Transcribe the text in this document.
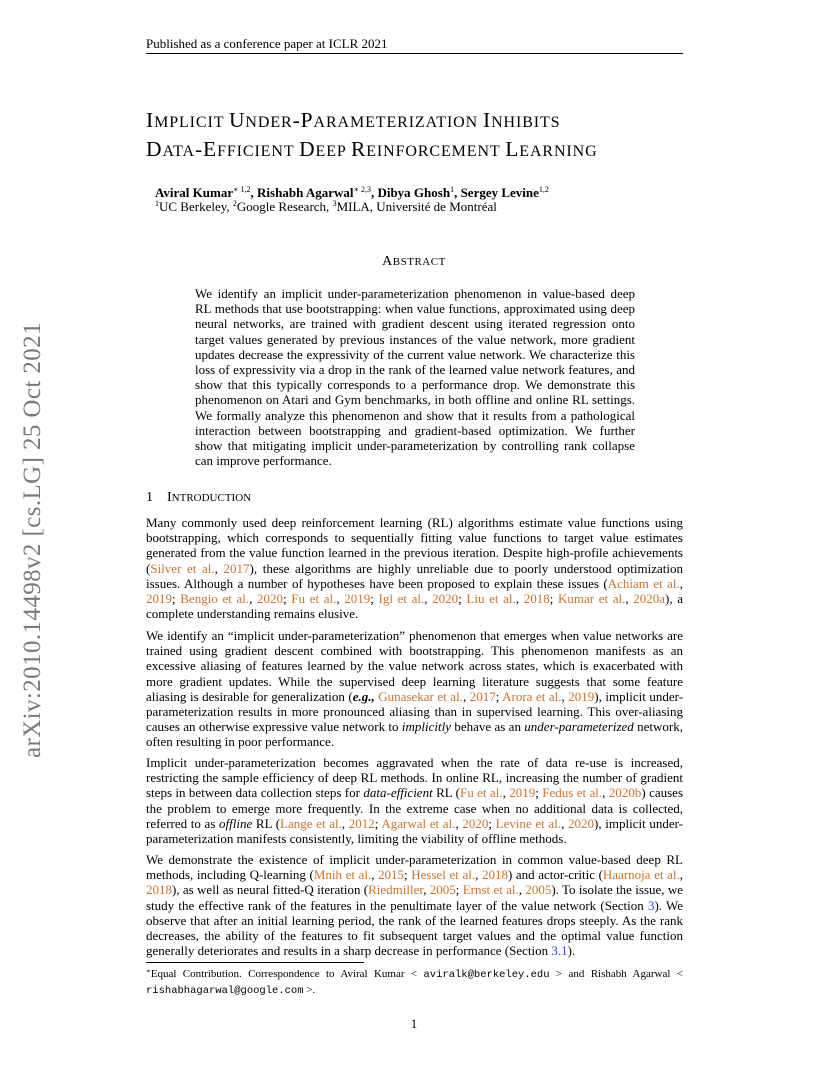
Published as a conference paper at ICLR 2021
IMPLICIT UNDER-PARAMETERIZATION INHIBITS
DATA-EFFICIENT DEEP REINFORCEMENT LEARNING
Aviral Kumar$^{∗ 1,2}$, Rishabh Agarwal$^{∗ 2,3}$, Dibya Ghosh$^1$, Sergey Levine$^{1,2}$
$^1$UC Berkeley, $^2$Google Research, $^3$MILA, Université de Montréal
ABSTRACT
We identify an implicit under-parameterization phenomenon in value-based deep RL methods that use bootstrapping: when value functions, approximated using deep neural networks, are trained with gradient descent using iterated regression onto target values generated by previous instances of the value network, more gradient updates decrease the expressivity of the current value network. We characterize this loss of expressivity via a drop in the rank of the learned value network features, and show that this typically corresponds to a performance drop. We demonstrate this phenomenon on Atari and Gym benchmarks, in both offline and online RL settings. We formally analyze this phenomenon and show that it results from a pathological interaction between bootstrapping and gradient-based optimization. We further show that mitigating implicit under-parameterization by controlling rank collapse can improve performance.
arXiv:2010.14498v2 [cs.LG] 25 Oct 2021	1 INTRODUCTION
Many commonly used deep reinforcement learning (RL) algorithms estimate value functions using bootstrapping, which corresponds to sequentially fitting value functions to target value estimates generated from the value function learned in the previous iteration. Despite high-profile achievements (Silver et al., 2017), these algorithms are highly unreliable due to poorly understood optimization issues. Although a number of hypotheses have been proposed to explain these issues (Achiam et al., 2019; Bengio et al., 2020; Fu et al., 2019; Igl et al., 2020; Liu et al., 2018; Kumar et al., 2020a), a complete understanding remains elusive.
We identify an “implicit under-parameterization” phenomenon that emerges when value networks are trained using gradient descent combined with bootstrapping. This phenomenon manifests as an excessive aliasing of features learned by the value network across states, which is exacerbated with more gradient updates. While the supervised deep learning literature suggests that some feature aliasing is desirable for generalization (e.g., Gunasekar et al., 2017; Arora et al., 2019), implicit under-parameterization results in more pronounced aliasing than in supervised learning. This over-aliasing causes an otherwise expressive value network to implicitly behave as an under-parameterized network, often resulting in poor performance.
Implicit under-parameterization becomes aggravated when the rate of data re-use is increased, restricting the sample efficiency of deep RL methods. In online RL, increasing the number of gradient steps in between data collection steps for data-efficient RL (Fu et al., 2019; Fedus et al., 2020b) causes the problem to emerge more frequently. In the extreme case when no additional data is collected, referred to as offline RL (Lange et al., 2012; Agarwal et al., 2020; Levine et al., 2020), implicit under-parameterization manifests consistently, limiting the viability of offline methods.
We demonstrate the existence of implicit under-parameterization in common value-based deep RL methods, including Q-learning (Mnih et al., 2015; Hessel et al., 2018) and actor-critic (Haarnoja et al., 2018), as well as neural fitted-Q iteration (Riedmiller, 2005; Ernst et al., 2005). To isolate the issue, we study the effective rank of the features in the penultimate layer of the value network (Section 3). We observe that after an initial learning period, the rank of the learned features drops steeply. As the rank decreases, the ability of the features to fit subsequent target values and the optimal value function generally deteriorates and results in a sharp decrease in performance (Section 3.1).
∗Equal Contribution. Correspondence to Aviral Kumar < aviralk@berkeley.edu > and Rishabh Agarwal < rishabhagarwal@google.com >.
1
